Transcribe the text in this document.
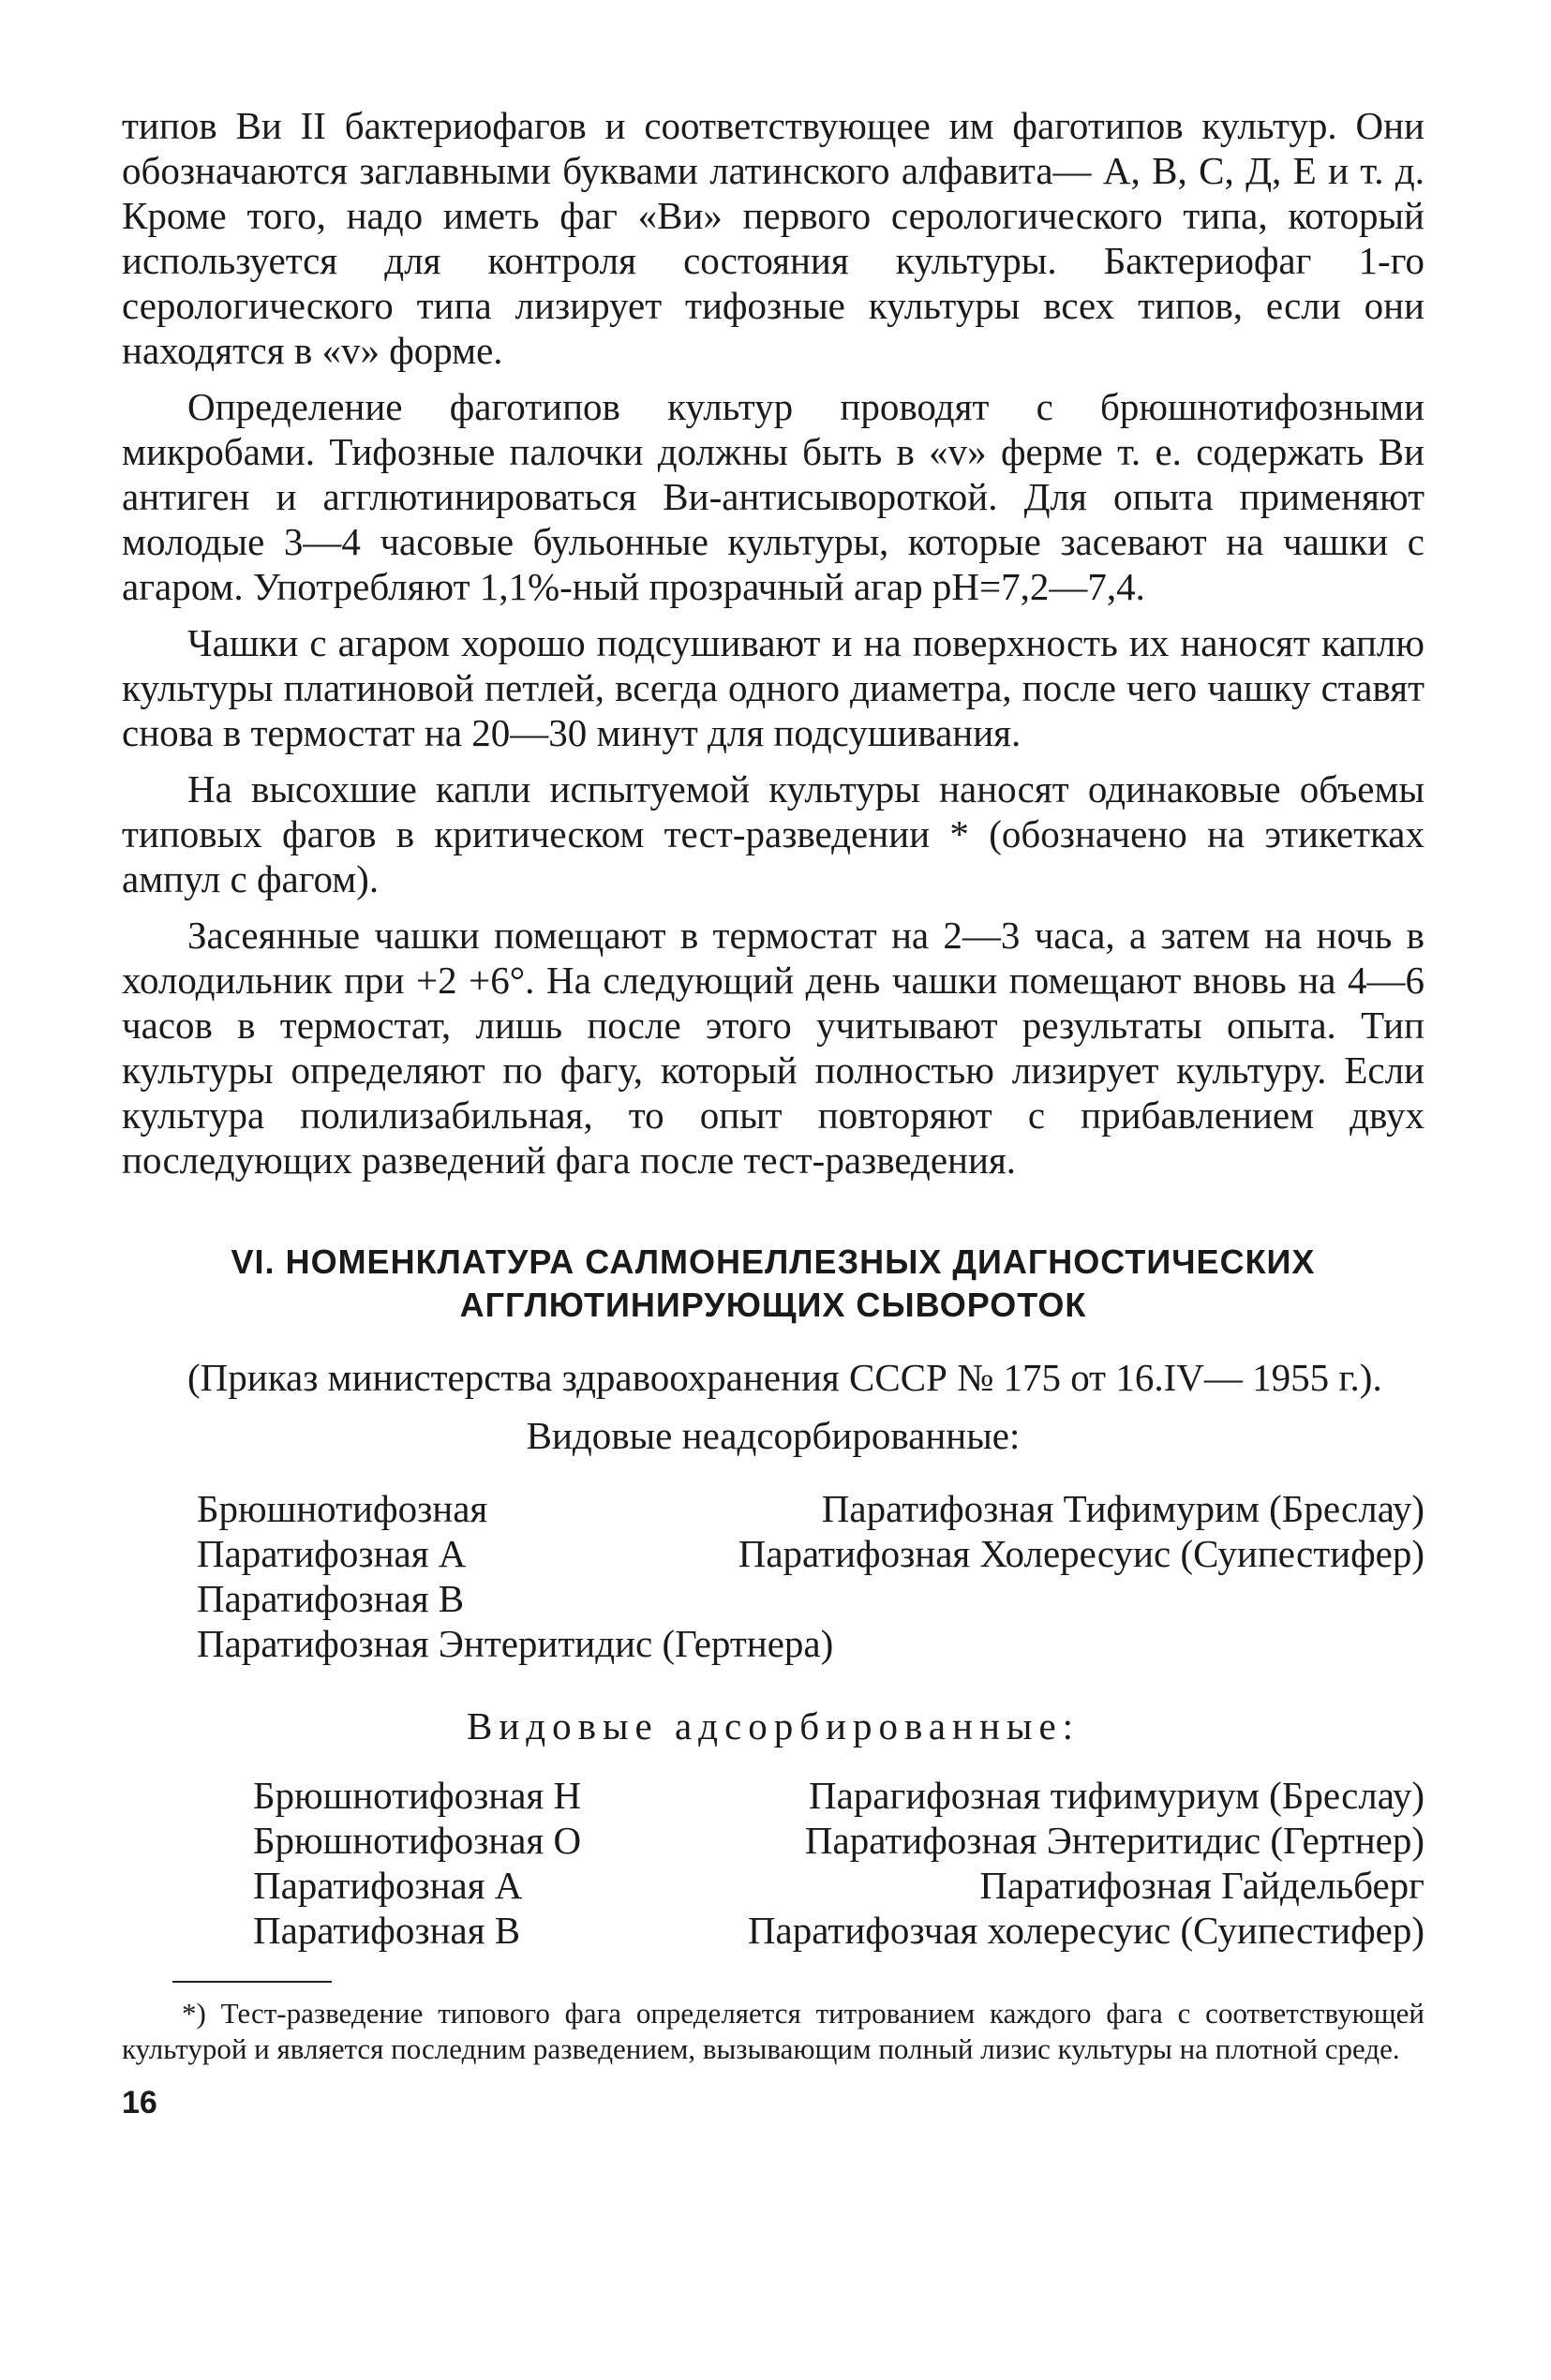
типов Ви II бактериофагов и соответствующее им фаготипов культур. Они обозначаются заглавными буквами латинского алфавита— А, В, С, Д, Е и т. д. Кроме того, надо иметь фаг «Ви» первого серологического типа, который используется для контроля состояния культуры. Бактериофаг 1-го серологического типа лизирует тифозные культуры всех типов, если они находятся в «v» форме.

Определение фаготипов культур проводят с брюшнотифозными микробами. Тифозные палочки должны быть в «v» ферме т. е. содержать Ви антиген и агглютинироваться Ви-антисывороткой. Для опыта применяют молодые 3—4 часовые бульонные культуры, которые засевают на чашки с агаром. Употребляют 1,1%-ный прозрачный агар pH=7,2—7,4.

Чашки с агаром хорошо подсушивают и на поверхность их наносят каплю культуры платиновой петлей, всегда одного диаметра, после чего чашку ставят снова в термостат на 20—30 минут для подсушивания.

На высохшие капли испытуемой культуры наносят одинаковые объемы типовых фагов в критическом тест-разведении * (обозначено на этикетках ампул с фагом).

Засеянные чашки помещают в термостат на 2—3 часа, а затем на ночь в холодильник при +2 +6°. На следующий день чашки помещают вновь на 4—6 часов в термостат, лишь после этого учитывают результаты опыта. Тип культуры определяют по фагу, который полностью лизирует культуру. Если культура полилизабильная, то опыт повторяют с прибавлением двух последующих разведений фага после тест-разведения.

VI. НОМЕНКЛАТУРА САЛМОНЕЛЛЕЗНЫХ ДИАГНОСТИЧЕСКИХ
АГГЛЮТИНИРУЮЩИХ СЫВОРОТОК

(Приказ министерства здравоохранения СССР № 175 от 16.IV— 1955 г.).

Видовые неадсорбированные:
Брюшнотифозная	Паратифозная Тифимурим (Бреслау)
Паратифозная А	Паратифозная Холересуис (Суипестифер)
Паратифозная В
Паратифозная Энтеритидис (Гертнера)
Видовые адсорбированные:
Брюшнотифозная Н	Парагифозная тифимуриум (Бреслау)
Брюшнотифозная О	Паратифозная Энтеритидис (Гертнер)
Паратифозная А	Паратифозная Гайдельберг
Паратифозная В	Паратифозчая холересуис (Суипестифер)

*) Тест-разведение типового фага определяется титрованием каждого фага с соответствующей культурой и является последним разведением, вызывающим полный лизис культуры на плотной среде.

16
